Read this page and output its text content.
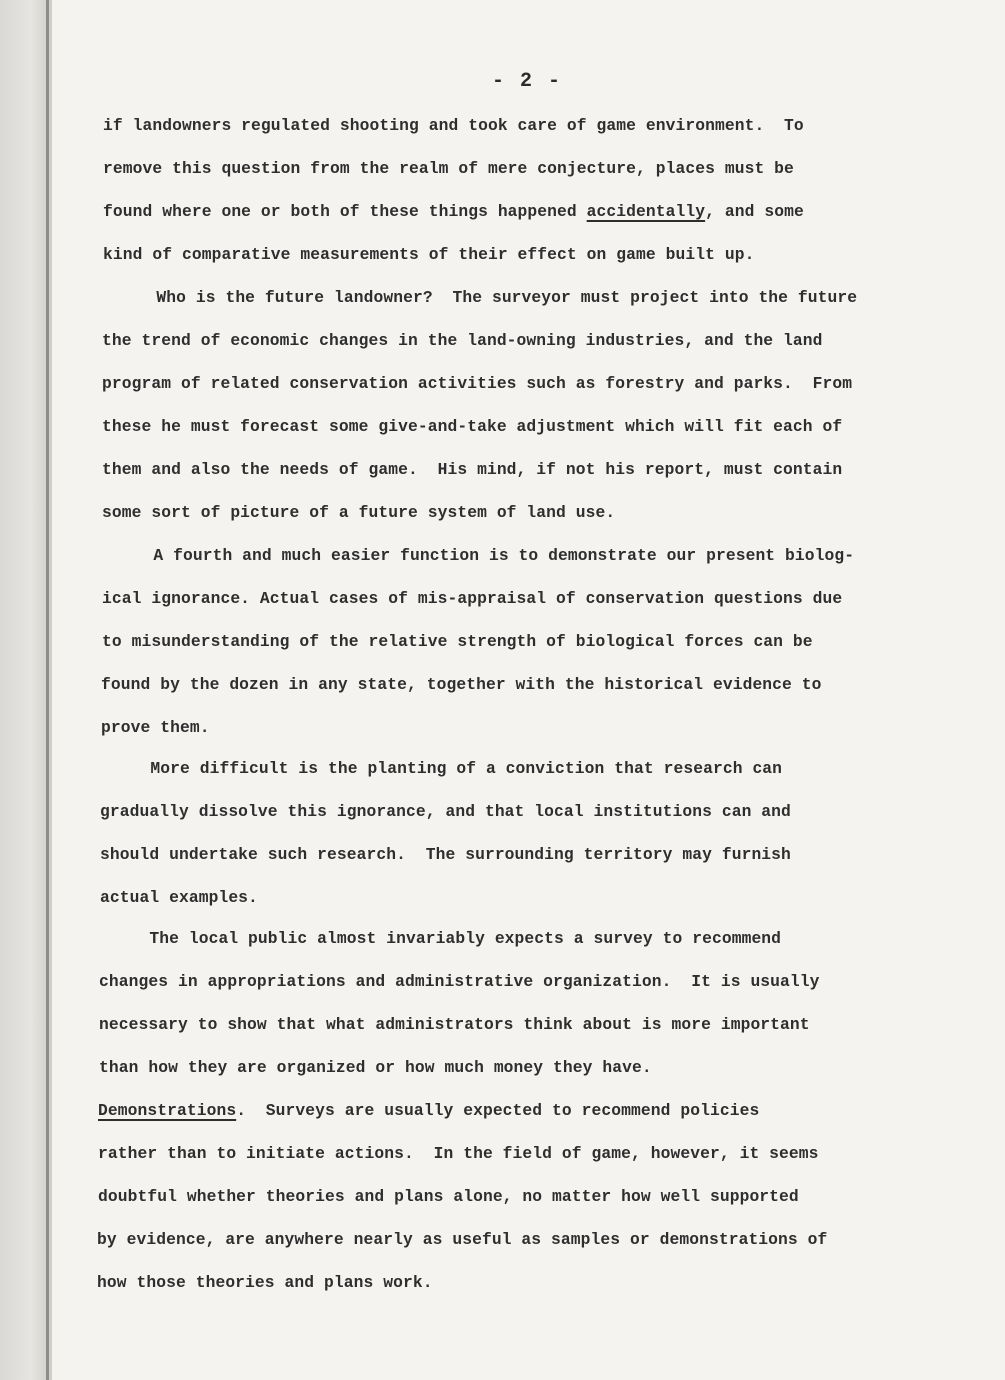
- 2 -
if landowners regulated shooting and took care of game environment.  To
remove this question from the realm of mere conjecture, places must be
found where one or both of these things happened accidentally, and some
kind of comparative measurements of their effect on game built up.
Who is the future landowner?  The surveyor must project into the future
the trend of economic changes in the land-owning industries, and the land
program of related conservation activities such as forestry and parks.  From
these he must forecast some give-and-take adjustment which will fit each of
them and also the needs of game.  His mind, if not his report, must contain
some sort of picture of a future system of land use.
A fourth and much easier function is to demonstrate our present biolog-
ical ignorance. Actual cases of mis-appraisal of conservation questions due
to misunderstanding of the relative strength of biological forces can be
found by the dozen in any state, together with the historical evidence to
prove them.
More difficult is the planting of a conviction that research can
gradually dissolve this ignorance, and that local institutions can and
should undertake such research.  The surrounding territory may furnish
actual examples.
The local public almost invariably expects a survey to recommend
changes in appropriations and administrative organization.  It is usually
necessary to show that what administrators think about is more important
than how they are organized or how much money they have.
Demonstrations.  Surveys are usually expected to recommend policies
rather than to initiate actions.  In the field of game, however, it seems
doubtful whether theories and plans alone, no matter how well supported
by evidence, are anywhere nearly as useful as samples or demonstrations of
how those theories and plans work.
